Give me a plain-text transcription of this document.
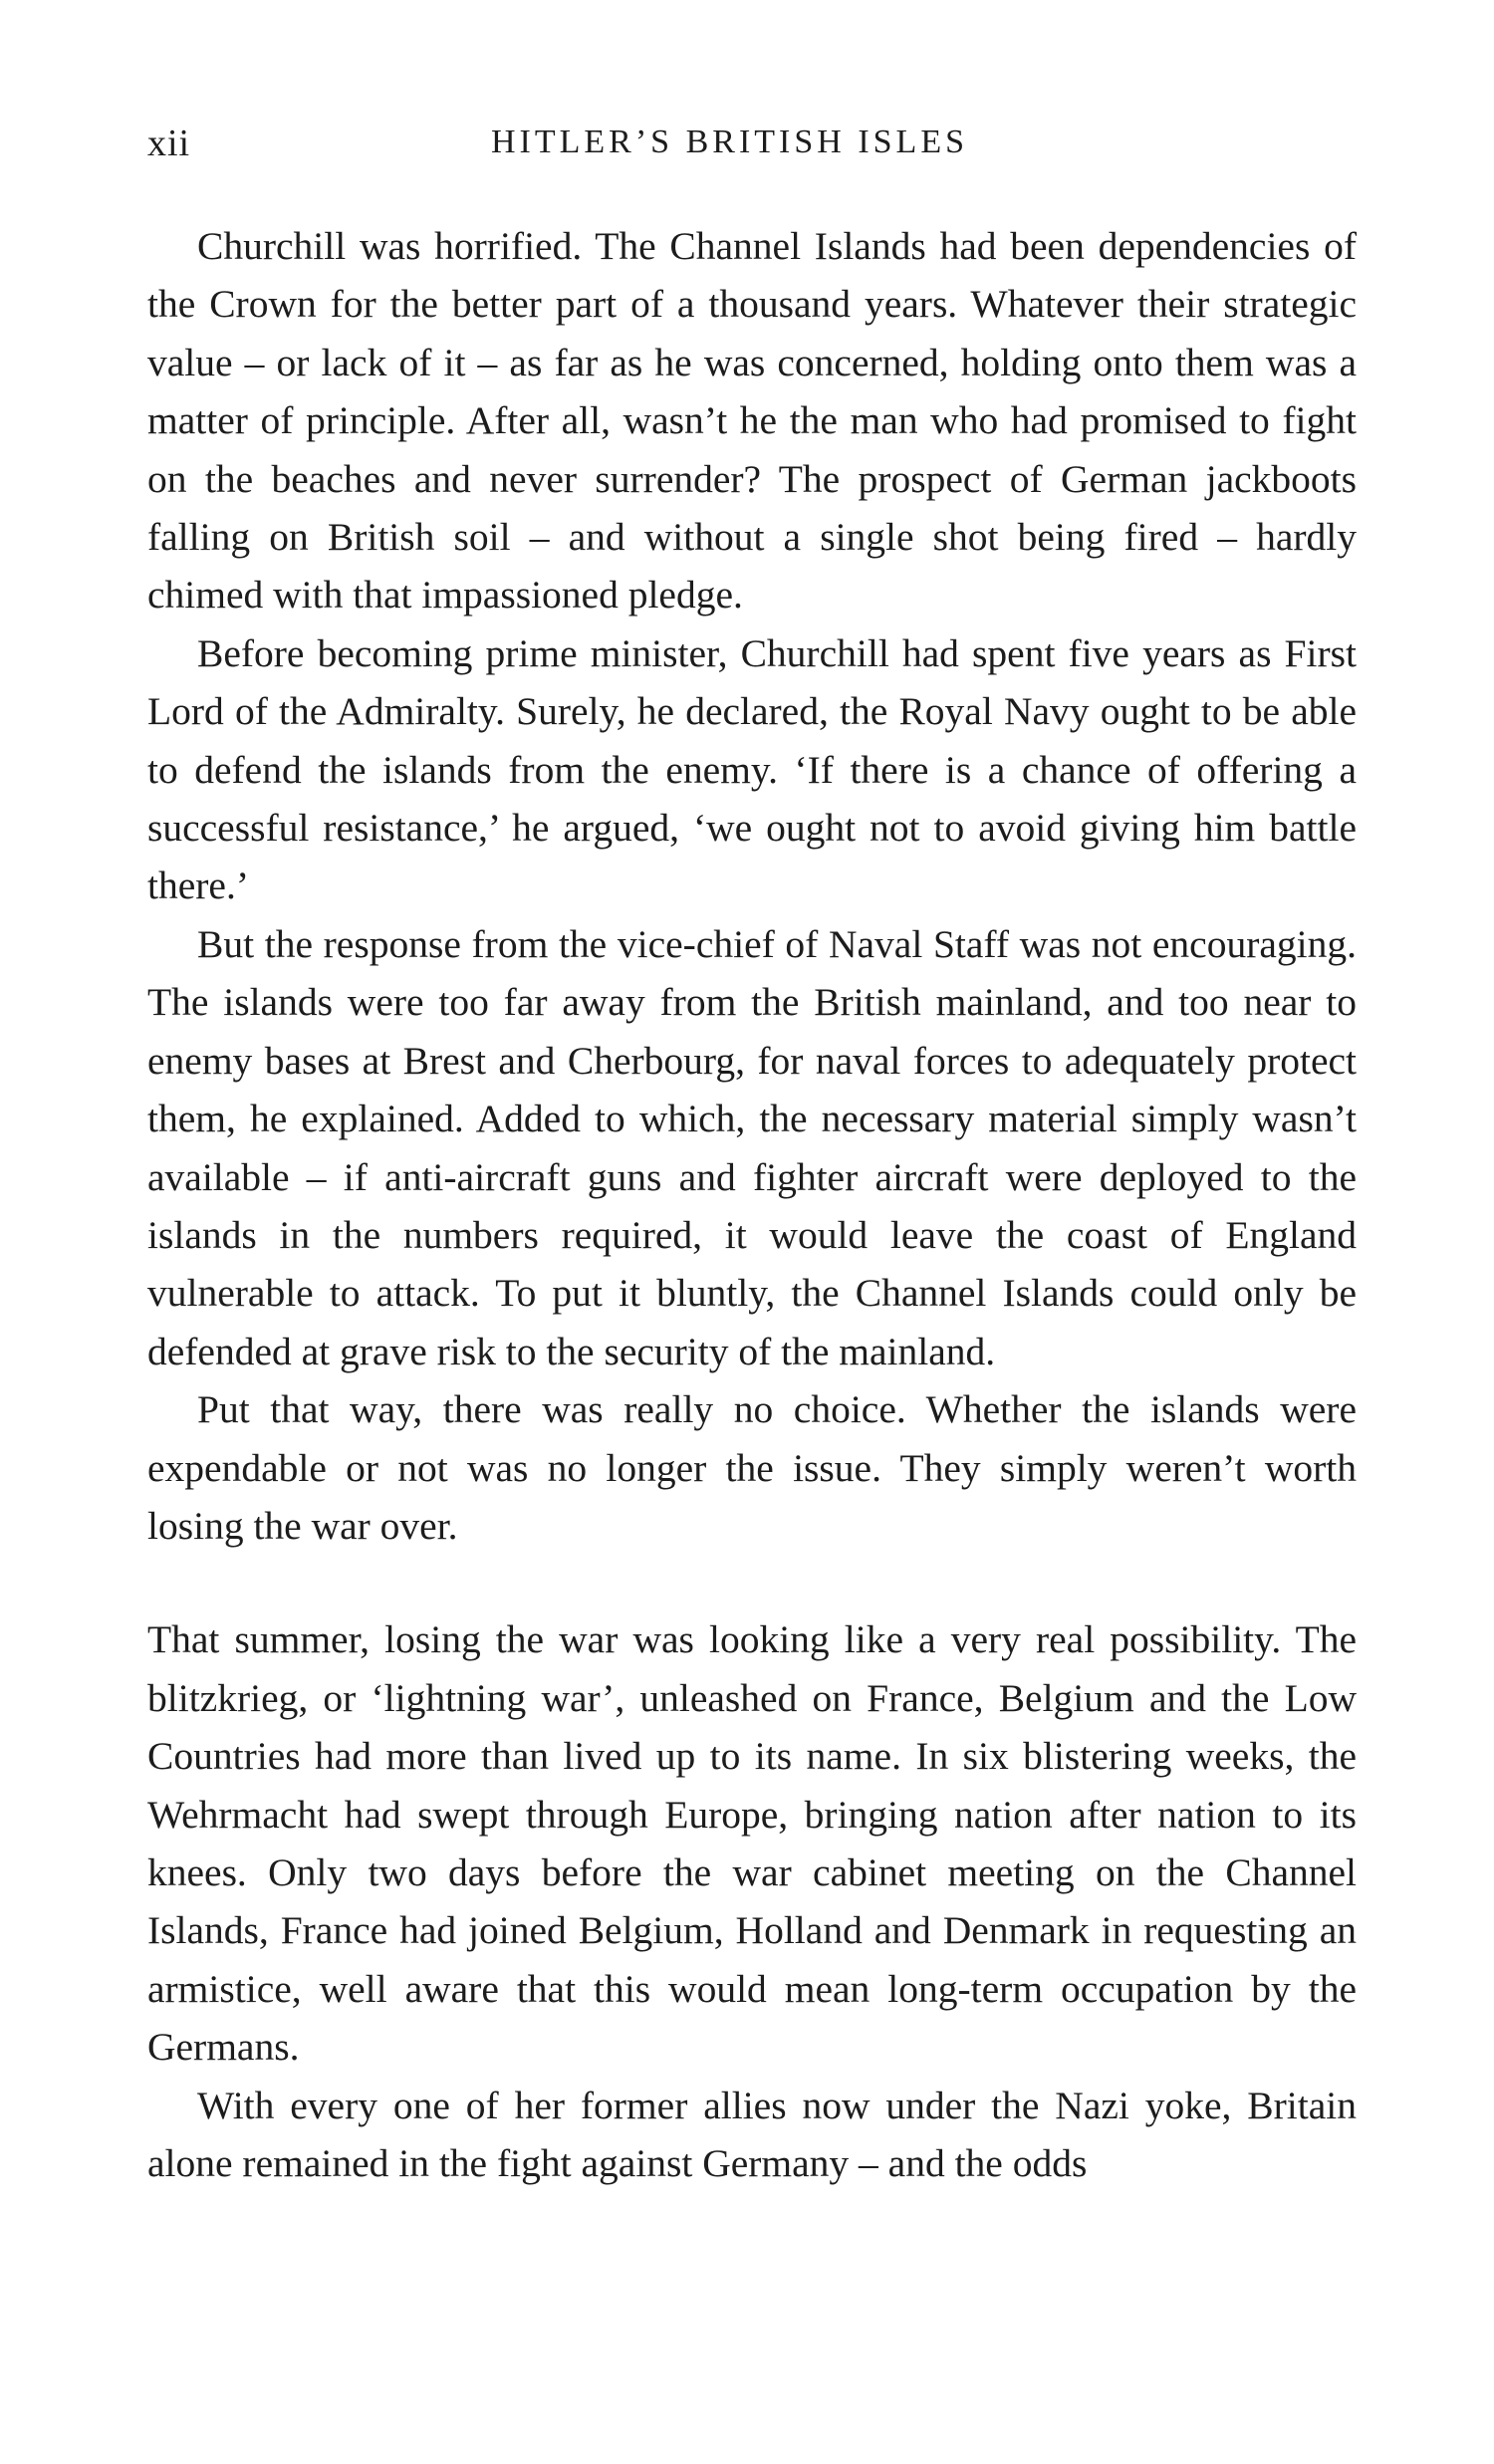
xii	HITLER’S BRITISH ISLES

Churchill was horrified. The Channel Islands had been dependencies of the Crown for the better part of a thousand years. Whatever their strategic value – or lack of it – as far as he was concerned, holding onto them was a matter of principle. After all, wasn’t he the man who had promised to fight on the beaches and never surrender? The prospect of German jackboots falling on British soil – and without a single shot being fired – hardly chimed with that impassioned pledge.

Before becoming prime minister, Churchill had spent five years as First Lord of the Admiralty. Surely, he declared, the Royal Navy ought to be able to defend the islands from the enemy. ‘If there is a chance of offering a successful resistance,’ he argued, ‘we ought not to avoid giving him battle there.’

But the response from the vice-chief of Naval Staff was not encouraging. The islands were too far away from the British mainland, and too near to enemy bases at Brest and Cherbourg, for naval forces to adequately protect them, he explained. Added to which, the necessary material simply wasn’t available – if anti-aircraft guns and fighter aircraft were deployed to the islands in the numbers required, it would leave the coast of England vulnerable to attack. To put it bluntly, the Channel Islands could only be defended at grave risk to the security of the mainland.

Put that way, there was really no choice. Whether the islands were expendable or not was no longer the issue. They simply weren’t worth losing the war over.

That summer, losing the war was looking like a very real possibility. The blitzkrieg, or ‘lightning war’, unleashed on France, Belgium and the Low Countries had more than lived up to its name. In six blistering weeks, the Wehrmacht had swept through Europe, bringing nation after nation to its knees. Only two days before the war cabinet meeting on the Channel Islands, France had joined Belgium, Holland and Denmark in requesting an armistice, well aware that this would mean long-term occupation by the Germans.

With every one of her former allies now under the Nazi yoke, Britain alone remained in the fight against Germany – and the odds
